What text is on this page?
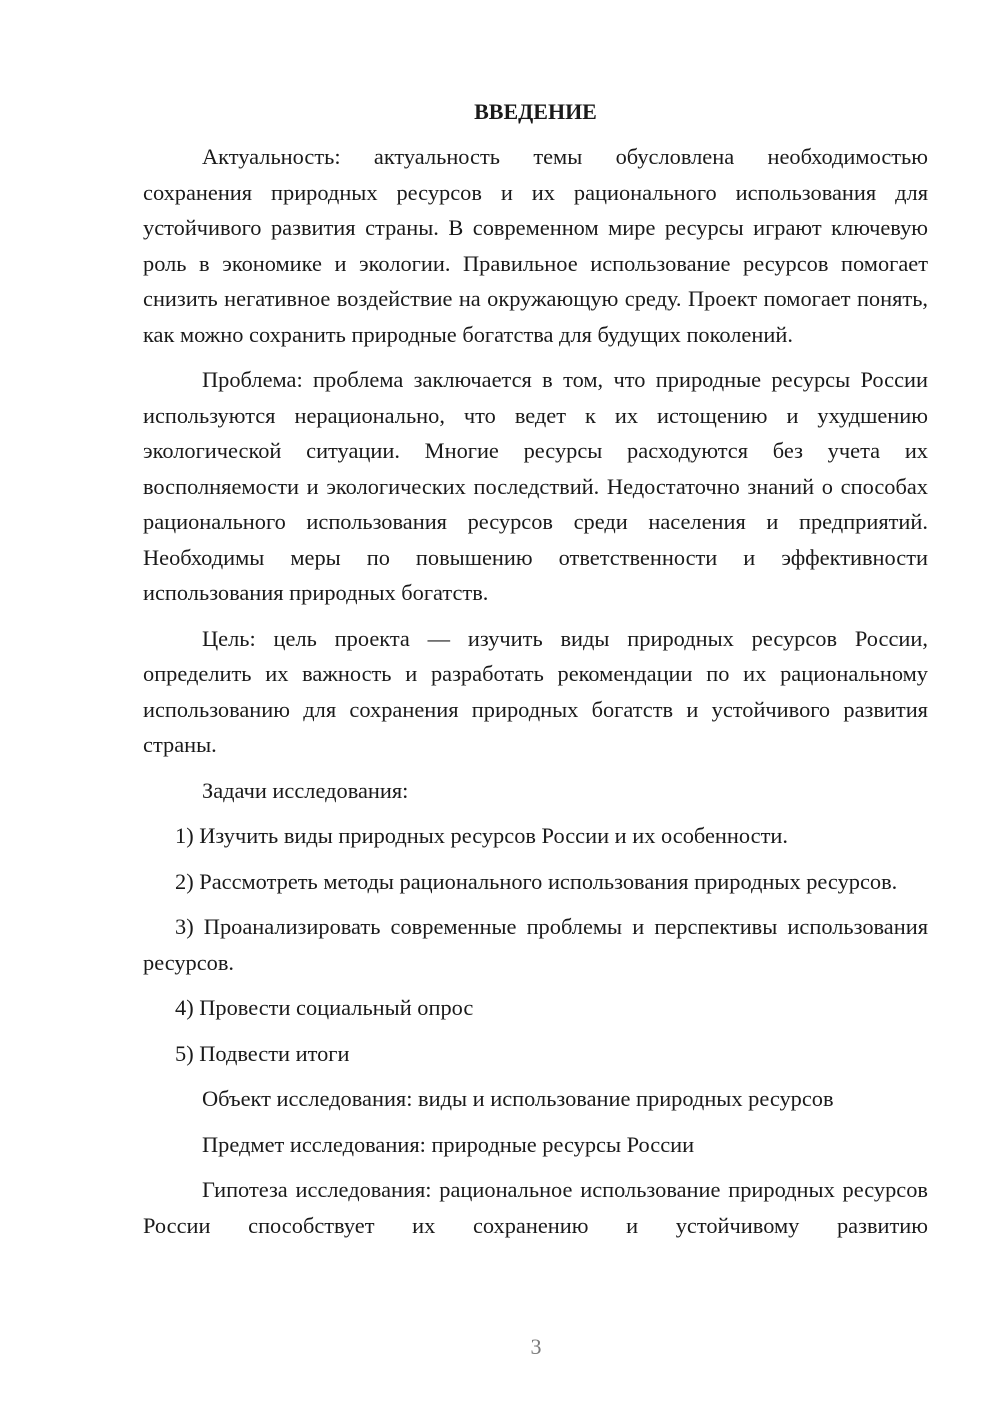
ВВЕДЕНИЕ

Актуальность: актуальность темы обусловлена необходимостью сохранения природных ресурсов и их рационального использования для устойчивого развития страны. В современном мире ресурсы играют ключевую роль в экономике и экологии. Правильное использование ресурсов помогает снизить негативное воздействие на окружающую среду. Проект помогает понять, как можно сохранить природные богатства для будущих поколений.

Проблема: проблема заключается в том, что природные ресурсы России используются нерационально, что ведет к их истощению и ухудшению экологической ситуации. Многие ресурсы расходуются без учета их восполняемости и экологических последствий. Недостаточно знаний о способах рационального использования ресурсов среди населения и предприятий. Необходимы меры по повышению ответственности и эффективности использования природных богатств.

Цель: цель проекта — изучить виды природных ресурсов России, определить их важность и разработать рекомендации по их рациональному использованию для сохранения природных богатств и устойчивого развития страны.

Задачи исследования:

1) Изучить виды природных ресурсов России и их особенности.

2) Рассмотреть методы рационального использования природных ресурсов.

3) Проанализировать современные проблемы и перспективы использования ресурсов.

4) Провести социальный опрос

5) Подвести итоги

Объект исследования: виды и использование природных ресурсов

Предмет исследования: природные ресурсы России

Гипотеза исследования: рациональное использование природных ресурсов России способствует их сохранению и устойчивому развитию

3
